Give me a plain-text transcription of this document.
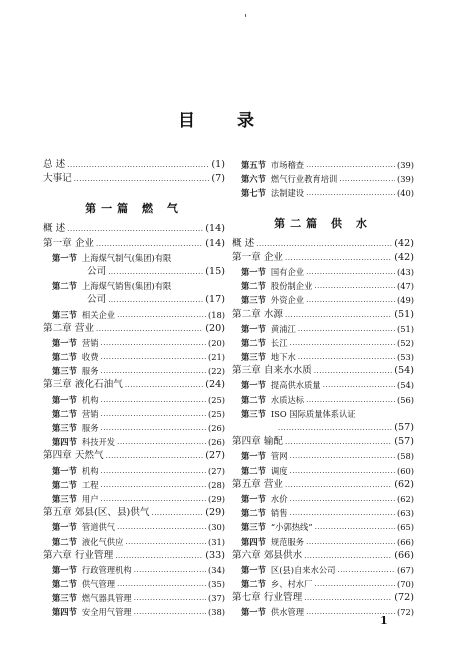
目 录
总 述 .....	(1)
大事记 .....	(7)
第一篇 燃 气
概 述 .....	(14)
第一章 企业 .....	(14)
第一节 上海煤气制气(集团)有限
公司 .....	(15)
第二节 上海煤气销售(集团)有限
公司 .....	(17)
第三节 相关企业 .....	(18)
第二章 营业 .....	(20)
第一节 营销 .....	(20)
第二节 收费 .....	(21)
第三节 服务 .....	(22)
第三章 液化石油气 .....	(24)
第一节 机构 .....	(25)
第二节 营销 .....	(25)
第三节 服务 .....	(26)
第四节 科技开发 .....	(26)
第四章 天然气 .....	(27)
第一节 机构 .....	(27)
第二节 工程 .....	(28)
第三节 用户 .....	(29)
第五章 郊县(区、县)供气 .....	(29)
第一节 管道供气 .....	(30)
第二节 液化气供应 .....	(31)
第六章 行业管理 .....	(33)
第一节 行政管理机构 .....	(34)
第二节 供气管理 .....	(35)
第三节 燃气器具管理 .....	(37)
第四节 安全用气管理 .....	(38)
第五节 市场稽查 .....	(39)
第六节 燃气行业教育培训 .....	(39)
第七节 法制建设 .....	(40)
第二篇 供 水
概 述 .....	(42)
第一章 企业 .....	(42)
第一节 国有企业 .....	(43)
第二节 股份制企业 .....	(47)
第三节 外资企业 .....	(49)
第二章 水源 .....	(51)
第一节 黄浦江 .....	(51)
第二节 长江 .....	(52)
第三节 地下水 .....	(53)
第三章 自来水水质 .....	(54)
第一节 提高供水质量 .....	(54)
第二节 水质达标 .....	(56)
第三节 ISO 国际质量体系认证
.....
(57)
第四章 输配 .....	(57)
第一节 管网 .....	(58)
第二节 调度 .....	(60)
第五章 营业 .....	(62)
第一节 水价 .....	(62)
第二节 销售 .....	(63)
第三节 “小郭热线” .....	(65)
第四节 规范服务 .....	(66)
第六章 郊县供水 .....	(66)
第一节 区(县)自来水公司 .....	(67)
第二节 乡、村水厂 .....	(70)
第七章 行业管理 .....	(72)
第一节 供水管理 .....	(72)
1
